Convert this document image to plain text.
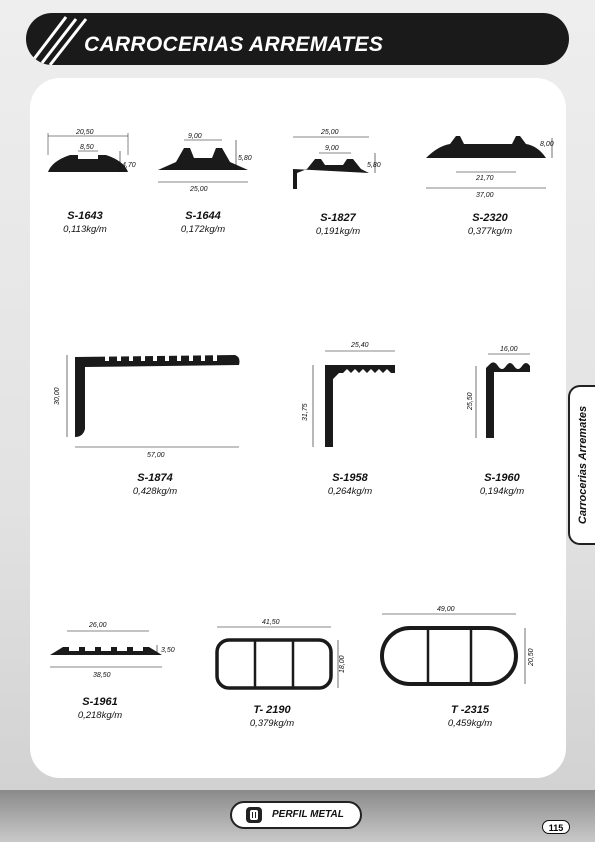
CARROCERIAS ARREMATES
Carrocerias Arremates
20,50
8,50
4,70
S-1643
0,113kg/m
9,00
5,80
25,00
S-1644
0,172kg/m
25,00
9,00
5,80
S-1827
0,191kg/m
21,70
37,00
8,00
S-2320
0,377kg/m
30,00
57,00
S-1874
0,428kg/m
25,40
31,75
S-1958
0,264kg/m
16,00
25,50
S-1960
0,194kg/m
26,00
3,50
38,50
S-1961
0,218kg/m
41,50
18,00
T- 2190
0,379kg/m
49,00
20,50
T -2315
0,459kg/m
PERFIL METAL
115
